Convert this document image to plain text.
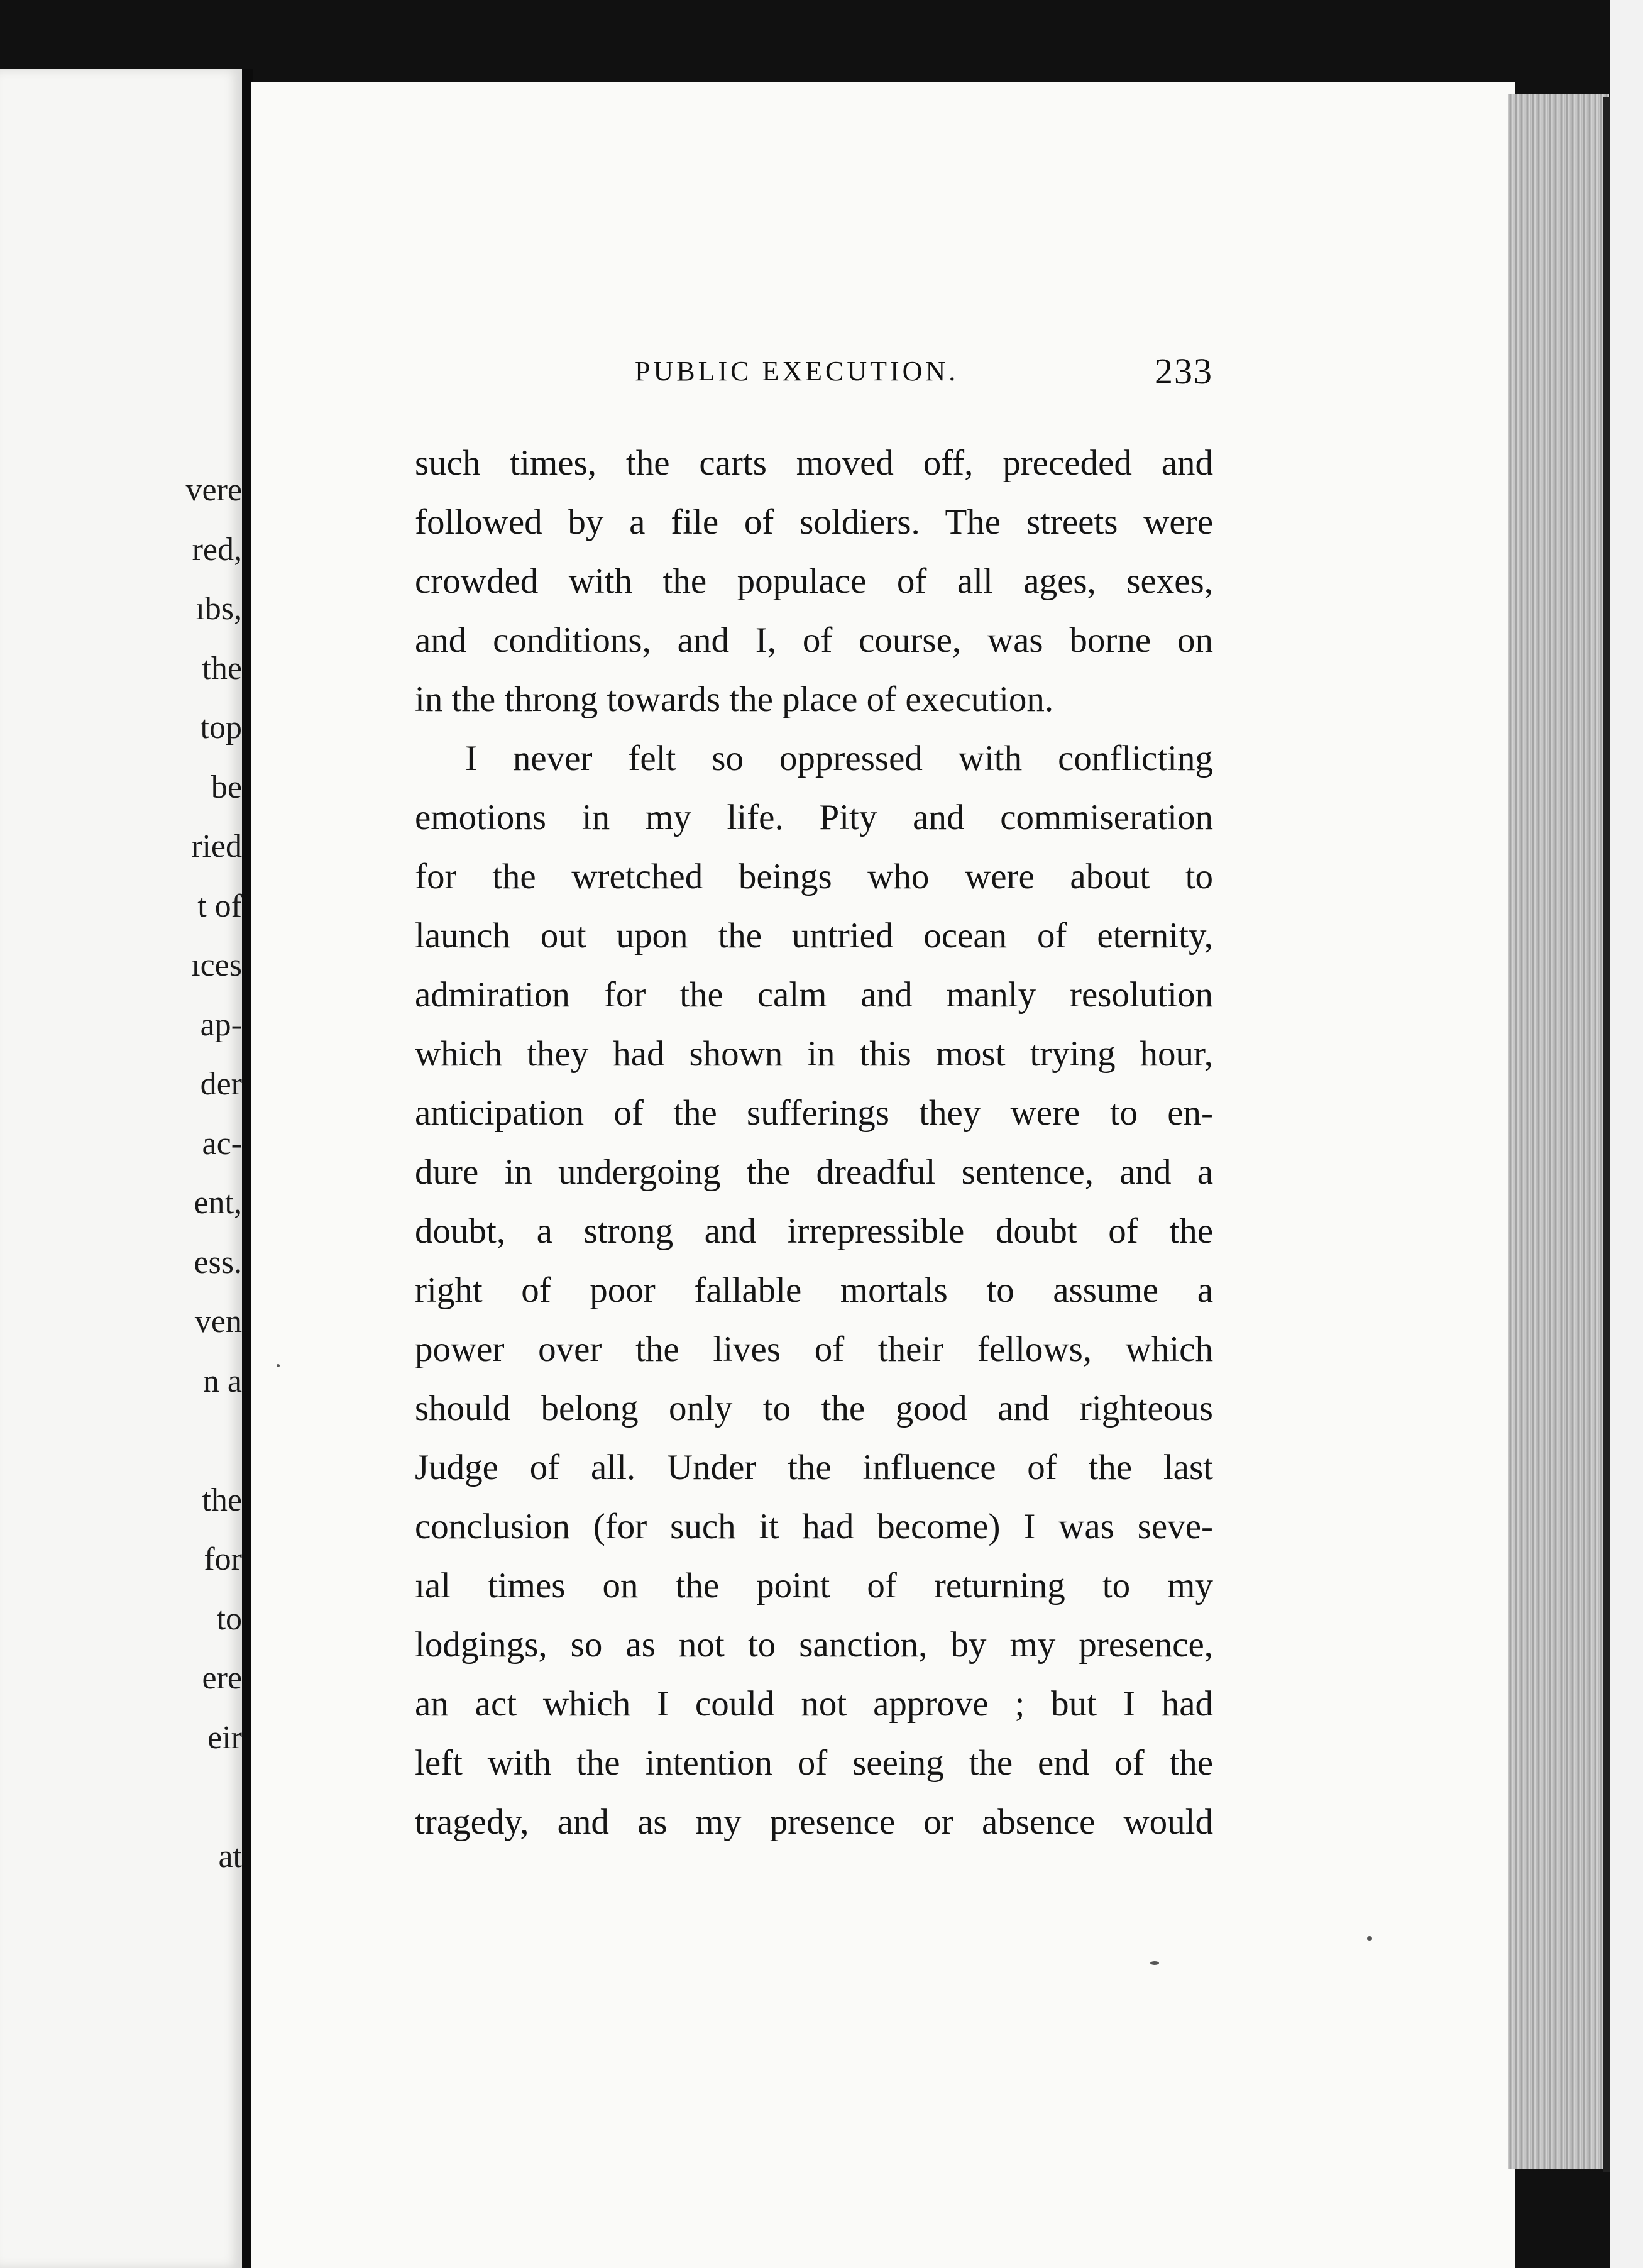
vere
red,
ıbs,
the
top
be
ried
t of
ıces
ap-
der
ac-
ent,
ess.
ven
n a
the
for
to
ere
eir
at
PUBLIC EXECUTION.	233
such times, the carts moved off, preceded and
followed by a file of soldiers. The streets were
crowded with the populace of all ages, sexes,
and conditions, and I, of course, was borne on
in the throng towards the place of execution.
I never felt so oppressed with conflicting
emotions in my life. Pity and commiseration
for the wretched beings who were about to
launch out upon the untried ocean of eternity,
admiration for the calm and manly resolution
which they had shown in this most trying hour,
anticipation of the sufferings they were to en-
dure in undergoing the dreadful sentence, and a
doubt, a strong and irrepressible doubt of the
right of poor fallable mortals to assume a
power over the lives of their fellows, which
should belong only to the good and righteous
Judge of all. Under the influence of the last
conclusion (for such it had become) I was seve-
ıal times on the point of returning to my
lodgings, so as not to sanction, by my presence,
an act which I could not approve ; but I had
left with the intention of seeing the end of the
tragedy, and as my presence or absence would
